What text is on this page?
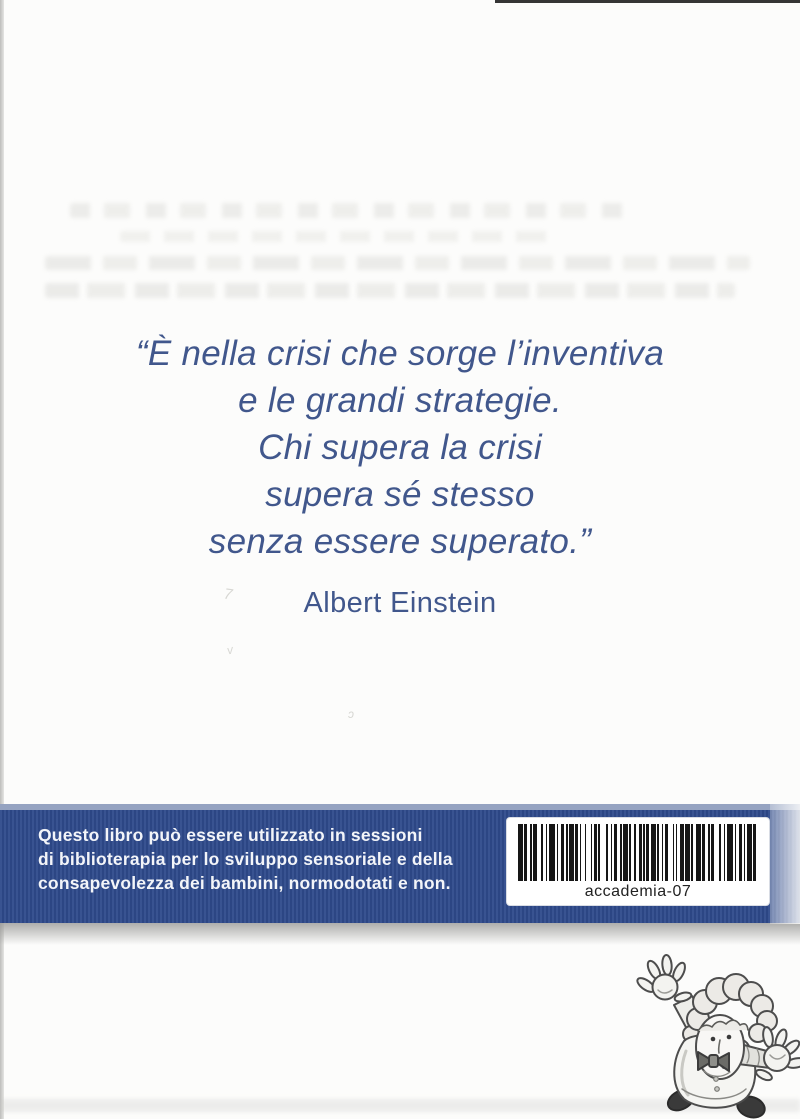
7
v
ɔ
“È nella crisi che sorge l’inventiva
e le grandi strategie.
Chi supera la crisi
supera sé stesso
senza essere superato.”
Albert Einstein
Questo libro può essere utilizzato in sessioni
di biblioterapia per lo sviluppo sensoriale e della
consapevolezza dei bambini, normodotati e non.	accademia-07
